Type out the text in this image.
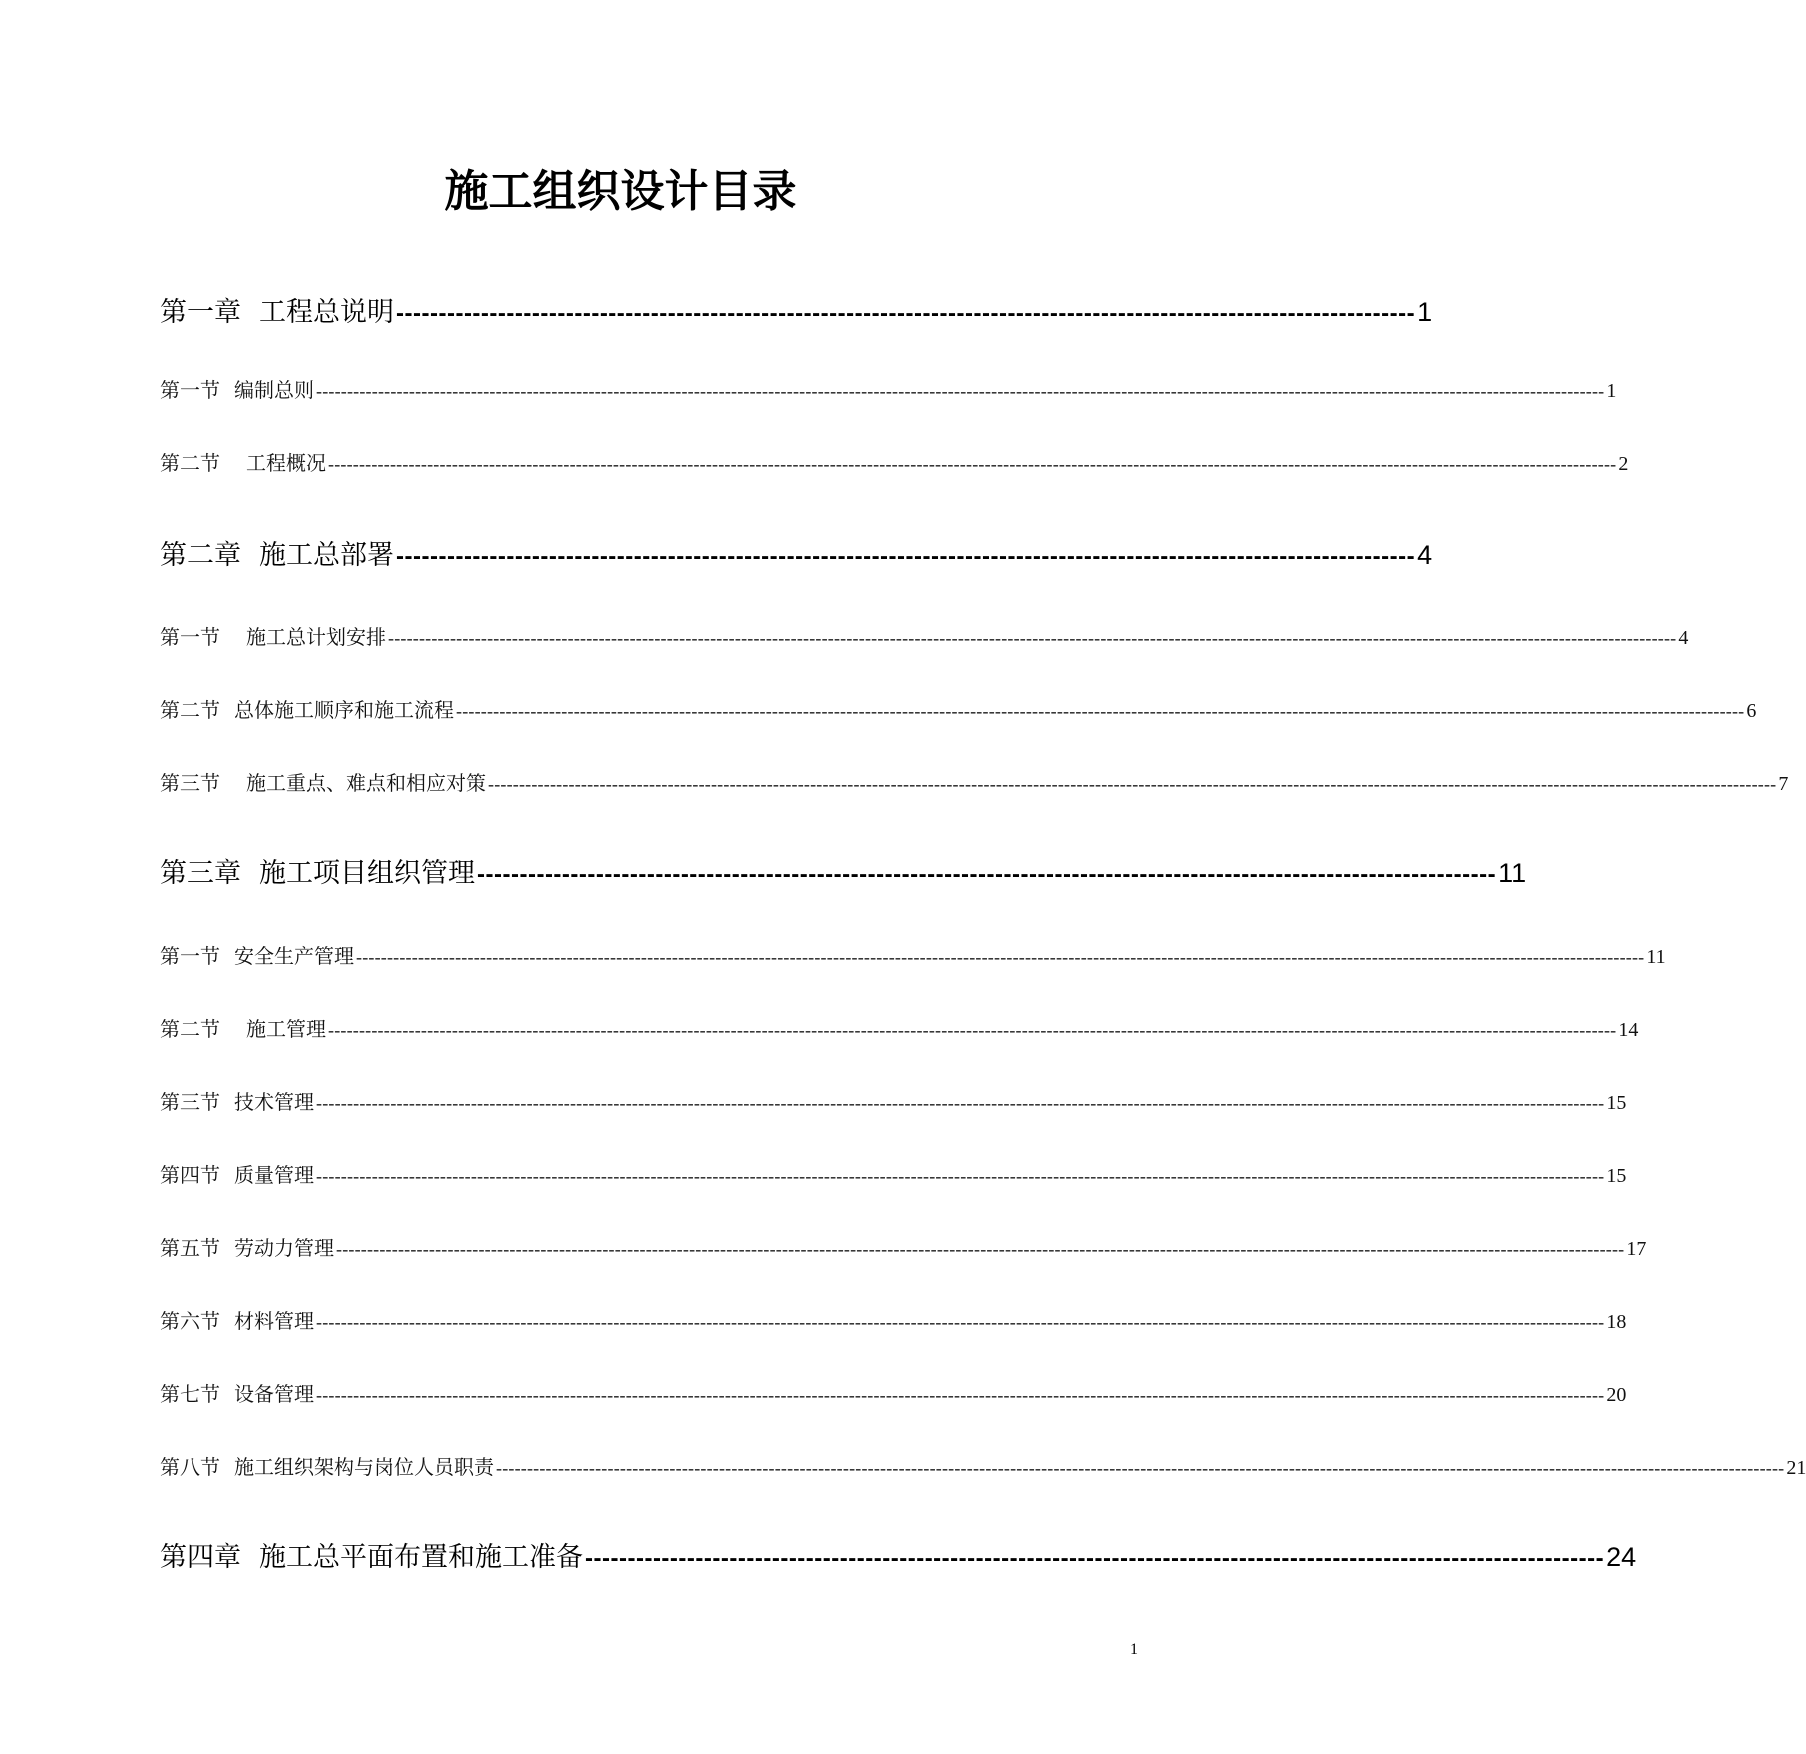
施工组织设计目录
第一章 工程总说明 ------------------------------------------------------------------------------------------------------------------------ 1
第一节 编制总则 ---------------------------------------------------------------------------------------------------------------------------------------------------------------------------------------------------------------- 1
第二节 工程概况 ---------------------------------------------------------------------------------------------------------------------------------------------------------------------------------------------------------------- 2
第二章 施工总部署 ------------------------------------------------------------------------------------------------------------------------ 4
第一节 施工总计划安排 ---------------------------------------------------------------------------------------------------------------------------------------------------------------------------------------------------------------- 4
第二节 总体施工顺序和施工流程 ---------------------------------------------------------------------------------------------------------------------------------------------------------------------------------------------------------------- 6
第三节 施工重点、难点和相应对策 ---------------------------------------------------------------------------------------------------------------------------------------------------------------------------------------------------------------- 7
第三章 施工项目组织管理 ------------------------------------------------------------------------------------------------------------------------ 11
第一节 安全生产管理 ---------------------------------------------------------------------------------------------------------------------------------------------------------------------------------------------------------------- 11
第二节 施工管理 ---------------------------------------------------------------------------------------------------------------------------------------------------------------------------------------------------------------- 14
第三节 技术管理 ---------------------------------------------------------------------------------------------------------------------------------------------------------------------------------------------------------------- 15
第四节 质量管理 ---------------------------------------------------------------------------------------------------------------------------------------------------------------------------------------------------------------- 15
第五节 劳动力管理 ---------------------------------------------------------------------------------------------------------------------------------------------------------------------------------------------------------------- 17
第六节 材料管理 ---------------------------------------------------------------------------------------------------------------------------------------------------------------------------------------------------------------- 18
第七节 设备管理 ---------------------------------------------------------------------------------------------------------------------------------------------------------------------------------------------------------------- 20
第八节 施工组织架构与岗位人员职责 ---------------------------------------------------------------------------------------------------------------------------------------------------------------------------------------------------------------- 21
第四章 施工总平面布置和施工准备 ------------------------------------------------------------------------------------------------------------------------ 24
1
